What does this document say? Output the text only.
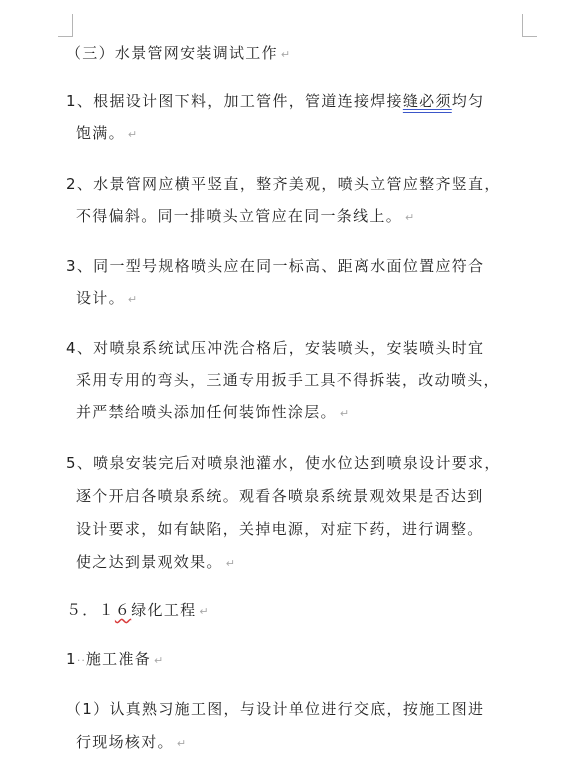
（三）水景管网安装调试工作 ↵
1、根据设计图下料，加工管件，管道连接焊接缝必须均匀
饱满。 ↵
2、水景管网应横平竖直，整齐美观，喷头立管应整齐竖直，
不得偏斜。同一排喷头立管应在同一条线上。 ↵
3、同一型号规格喷头应在同一标高、距离水面位置应符合
设计。 ↵
4、对喷泉系统试压冲洗合格后，安装喷头，安装喷头时宜
采用专用的弯头，三通专用扳手工具不得拆装，改动喷头，
并严禁给喷头添加任何装饰性涂层。 ↵
5、喷泉安装完后对喷泉池灌水，使水位达到喷泉设计要求，
逐个开启各喷泉系统。观看各喷泉系统景观效果是否达到
设计要求，如有缺陷，关掉电源，对症下药，进行调整。
使之达到景观效果。 ↵
５．１６绿化工程 ↵
1··施工准备 ↵
（1）认真熟习施工图，与设计单位进行交底，按施工图进
行现场核对。 ↵
